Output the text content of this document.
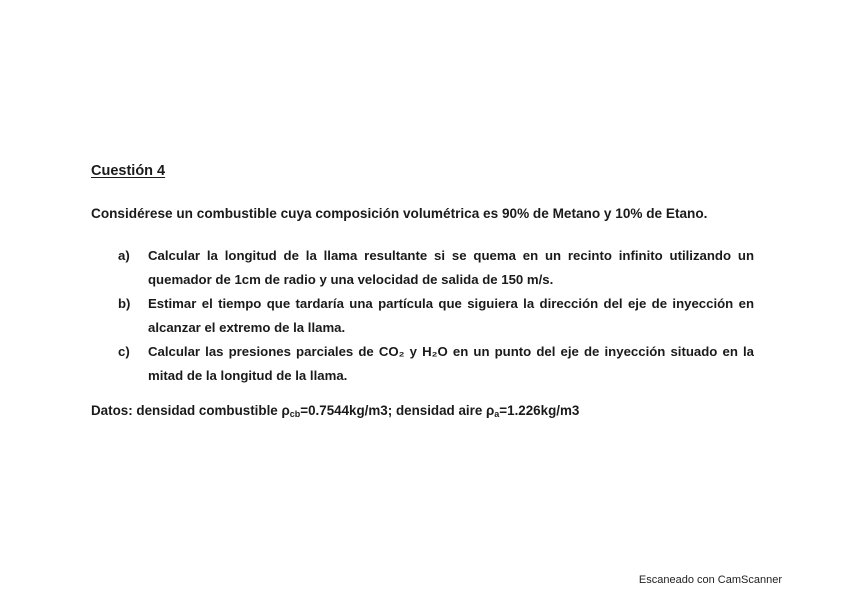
Cuestión 4

Considérese un combustible cuya composición volumétrica es 90% de Metano y 10% de Etano.

a)	Calcular la longitud de la llama resultante si se quema en un recinto infinito utilizando un quemador de 1cm de radio y una velocidad de salida de 150 m/s.
b)	Estimar el tiempo que tardaría una partícula que siguiera la dirección del eje de inyección en alcanzar el extremo de la llama.
c)	Calcular las presiones parciales de CO₂ y H₂O en un punto del eje de inyección situado en la mitad de la longitud de la llama.

Datos: densidad combustible $\rho_{cb}=0.7544kg/m3$; densidad aire $\rho_a=1.226kg/m3$

Escaneado con CamScanner
